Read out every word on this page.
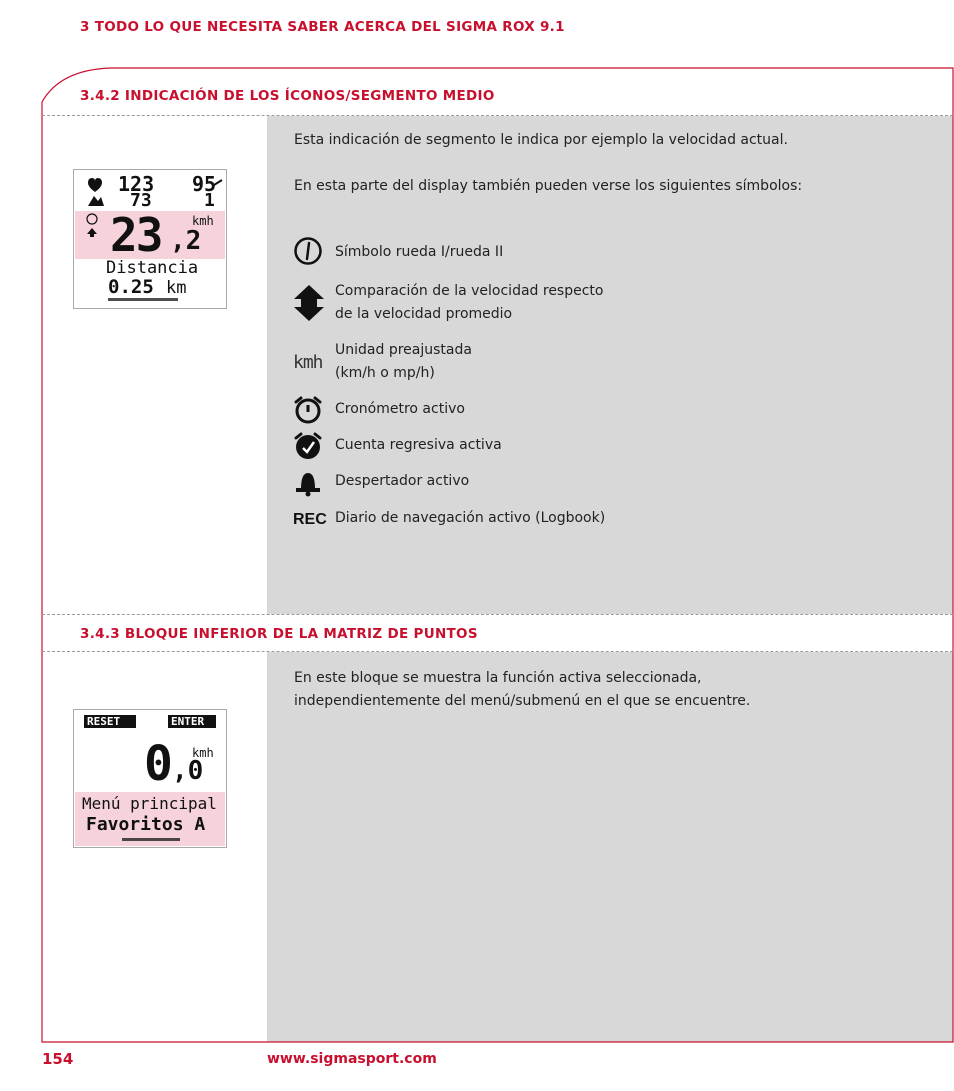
3 TODO LO QUE NECESITA SABER ACERCA DEL SIGMA ROX 9.1
3.4.2 INDICACIÓN DE LOS ÍCONOS/SEGMENTO MEDIO
Esta indicación de segmento le indica por ejemplo la velocidad actual.
En esta parte del display también pueden verse los siguientes símbolos:
Símbolo rueda I/rueda II
Comparación de la velocidad respecto
de la velocidad promedio
kmh
Unidad preajustada
(km/h o mp/h)
Cronómetro activo
Cuenta regresiva activa
Despertador activo
REC Diario de navegación activo (Logbook)
123 95
73	1
23 ,2
kmh
Distancia
0.25 km
3.4.3 BLOQUE INFERIOR DE LA MATRIZ DE PUNTOS
En este bloque se muestra la función activa seleccionada,
independientemente del menú/submenú en el que se encuentre.
RESET	ENTER
0 ,0
kmh
Menú principal
Favoritos A
154	www.sigmasport.com
